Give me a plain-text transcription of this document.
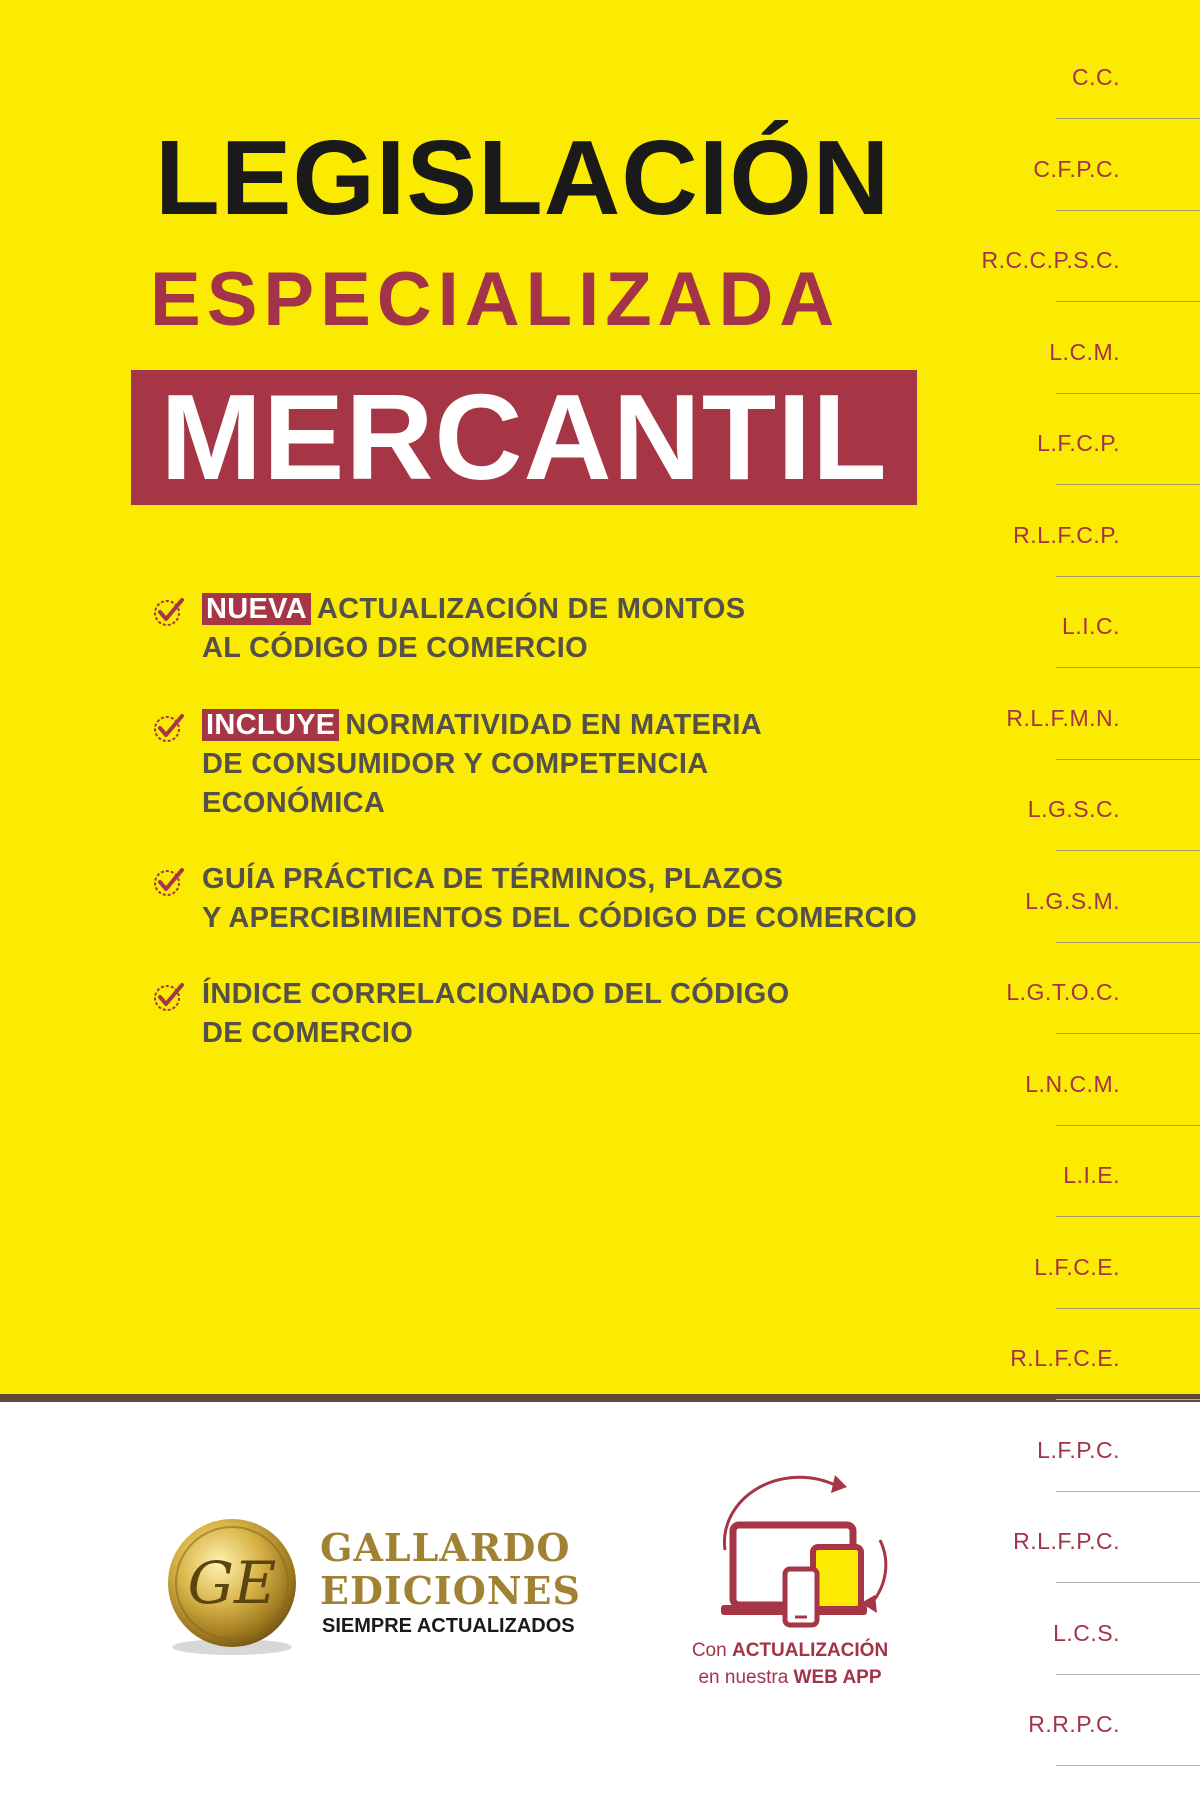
LEGISLACIÓN
ESPECIALIZADA
MERCANTIL
NUEVA ACTUALIZACIÓN DE MONTOS
AL CÓDIGO DE COMERCIO
INCLUYE NORMATIVIDAD EN MATERIA
DE CONSUMIDOR Y COMPETENCIA
ECONÓMICA
GUÍA PRÁCTICA DE TÉRMINOS, PLAZOS
Y APERCIBIMIENTOS DEL CÓDIGO DE COMERCIO
ÍNDICE CORRELACIONADO DEL CÓDIGO
DE COMERCIO
C.C.
C.F.P.C.
R.C.C.P.S.C.
L.C.M.
L.F.C.P.
R.L.F.C.P.
L.I.C.
R.L.F.M.N.
L.G.S.C.
L.G.S.M.
L.G.T.O.C.
L.N.C.M.
L.I.E.
L.F.C.E.
R.L.F.C.E.
L.F.P.C.
R.L.F.P.C.
L.C.S.
R.R.P.C.
GE
GALLARDO
EDICIONES
SIEMPRE ACTUALIZADOS
Con ACTUALIZACIÓN
en nuestra WEB APP
